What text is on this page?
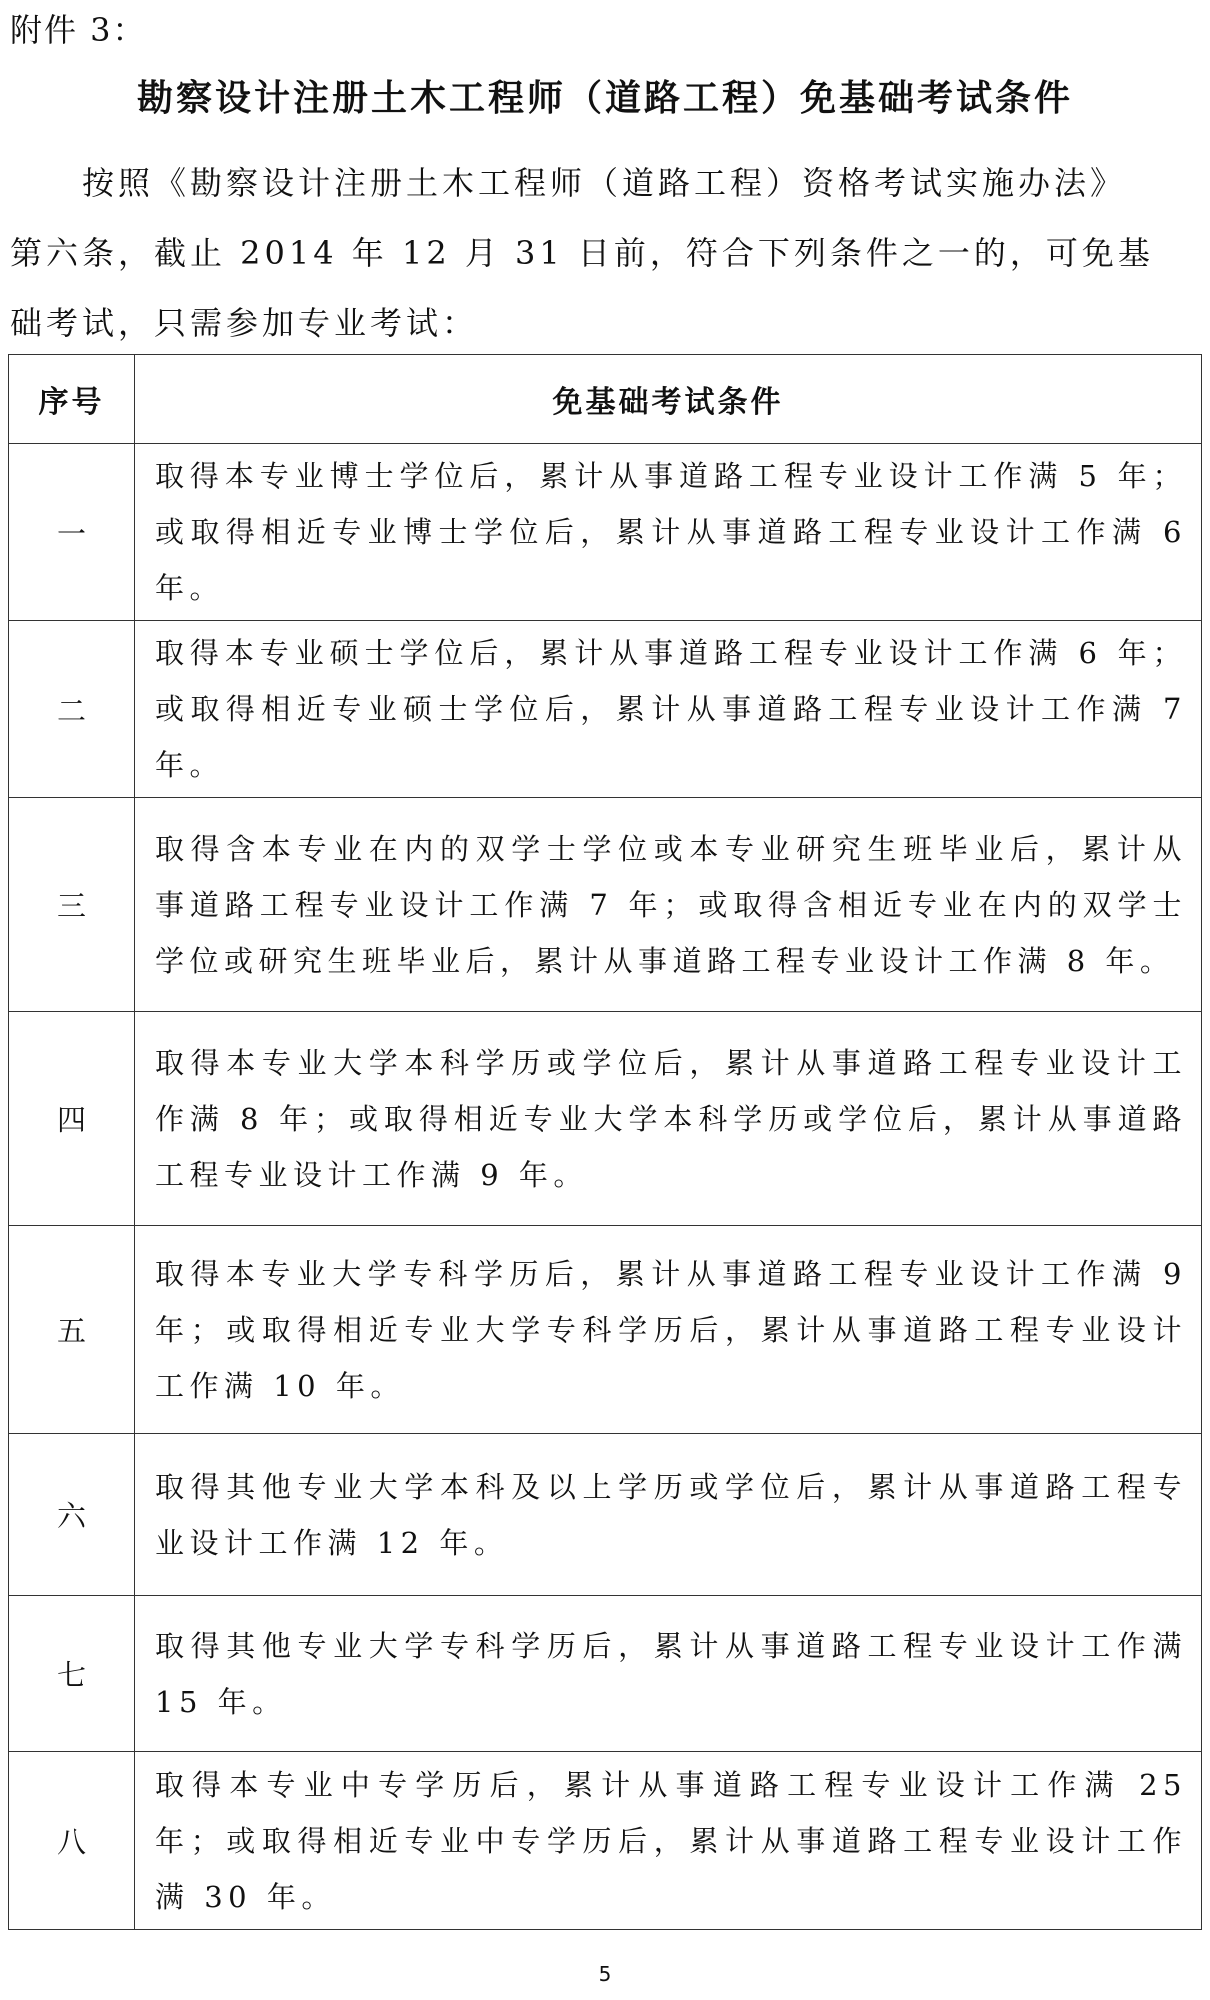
附件 3：
勘察设计注册土木工程师（道路工程）免基础考试条件
按照《勘察设计注册土木工程师（道路工程）资格考试实施办法》
第六条，截止 2014 年 12 月 31 日前，符合下列条件之一的，可免基
础考试，只需参加专业考试：
序号	免基础考试条件
一	取得本专业博士学位后，累计从事道路工程专业设计工作满 5 年；或取得相近专业博士学位后，累计从事道路工程专业设计工作满 6 年。
二	取得本专业硕士学位后，累计从事道路工程专业设计工作满 6 年；或取得相近专业硕士学位后，累计从事道路工程专业设计工作满 7 年。
三	取得含本专业在内的双学士学位或本专业研究生班毕业后，累计从事道路工程专业设计工作满 7 年；或取得含相近专业在内的双学士学位或研究生班毕业后，累计从事道路工程专业设计工作满 8 年。
四	取得本专业大学本科学历或学位后，累计从事道路工程专业设计工作满 8 年；或取得相近专业大学本科学历或学位后，累计从事道路工程专业设计工作满 9 年。
五	取得本专业大学专科学历后，累计从事道路工程专业设计工作满 9 年；或取得相近专业大学专科学历后，累计从事道路工程专业设计工作满 10 年。
六	取得其他专业大学本科及以上学历或学位后，累计从事道路工程专业设计工作满 12 年。
七	取得其他专业大学专科学历后，累计从事道路工程专业设计工作满 15 年。
八	取得本专业中专学历后，累计从事道路工程专业设计工作满 25 年；或取得相近专业中专学历后，累计从事道路工程专业设计工作满 30 年。
5
